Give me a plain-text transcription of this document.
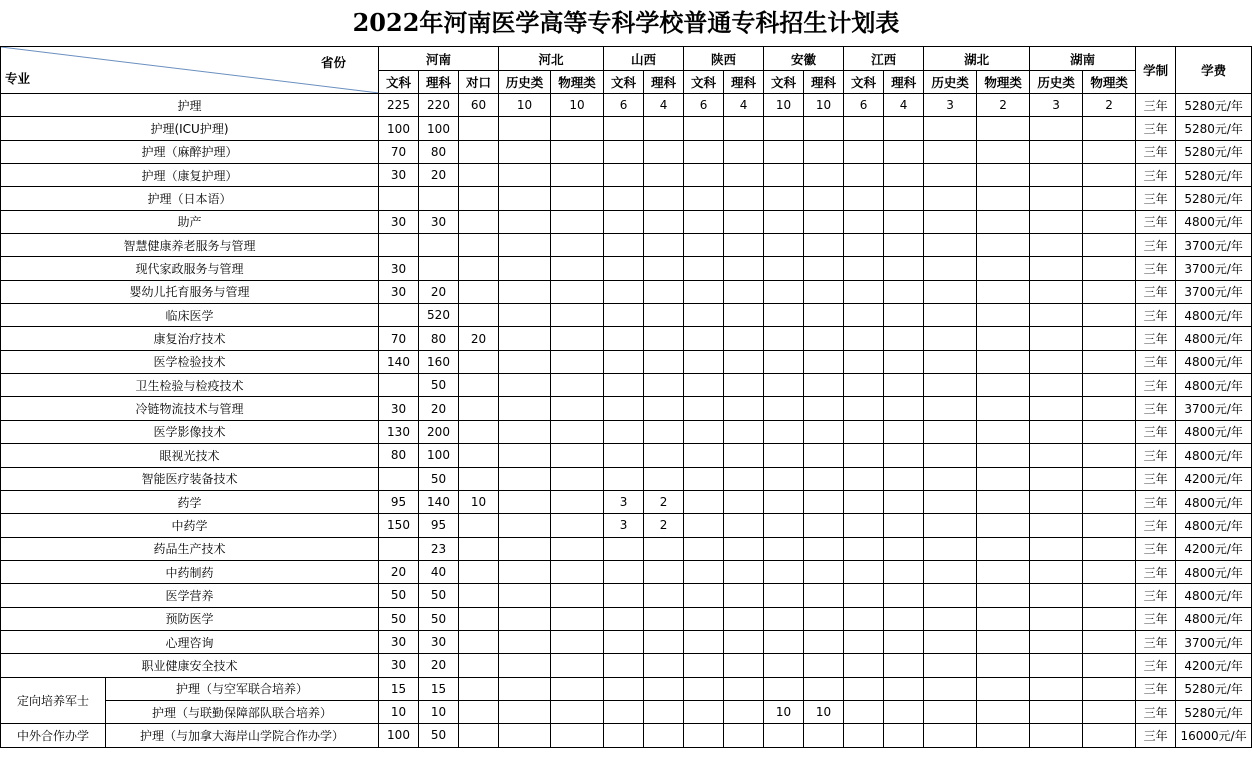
2022年河南医学高等专科学校普通专科招生计划表
省份
专业		河南			河北		山西		陕西		安徽		江西		湖北		湖南		学制	学费
		文科	理科	对口	历史类	物理类	文科	理科	文科	理科	文科	理科	文科	理科	历史类	物理类	历史类	物理类		
护理		225	220	60	10	10	6	4	6	4	10	10	6	4	3	2	3	2	三年	5280元/年
护理(ICU护理)		100	100																三年	5280元/年
护理（麻醉护理）		70	80																三年	5280元/年
护理（康复护理）		30	20																三年	5280元/年
护理（日本语）																			三年	5280元/年
助产		30	30																三年	4800元/年
智慧健康养老服务与管理																			三年	3700元/年
现代家政服务与管理		30																	三年	3700元/年
婴幼儿托育服务与管理		30	20																三年	3700元/年
临床医学			520																三年	4800元/年
康复治疗技术		70	80	20															三年	4800元/年
医学检验技术		140	160																三年	4800元/年
卫生检验与检疫技术			50																三年	4800元/年
冷链物流技术与管理		30	20																三年	3700元/年
医学影像技术		130	200																三年	4800元/年
眼视光技术		80	100																三年	4800元/年
智能医疗装备技术			50																三年	4200元/年
药学		95	140	10			3	2											三年	4800元/年
中药学		150	95				3	2											三年	4800元/年
药品生产技术			23																三年	4200元/年
中药制药		20	40																三年	4800元/年
医学营养		50	50																三年	4800元/年
预防医学		50	50																三年	4800元/年
心理咨询		30	30																三年	3700元/年
职业健康安全技术		30	20																三年	4200元/年
定向培养军士	护理（与空军联合培养）	15	15																三年	5280元/年
	护理（与联勤保障部队联合培养）	10	10								10	10							三年	5280元/年
中外合作办学	护理（与加拿大海岸山学院合作办学）	100	50																三年	16000元/年
